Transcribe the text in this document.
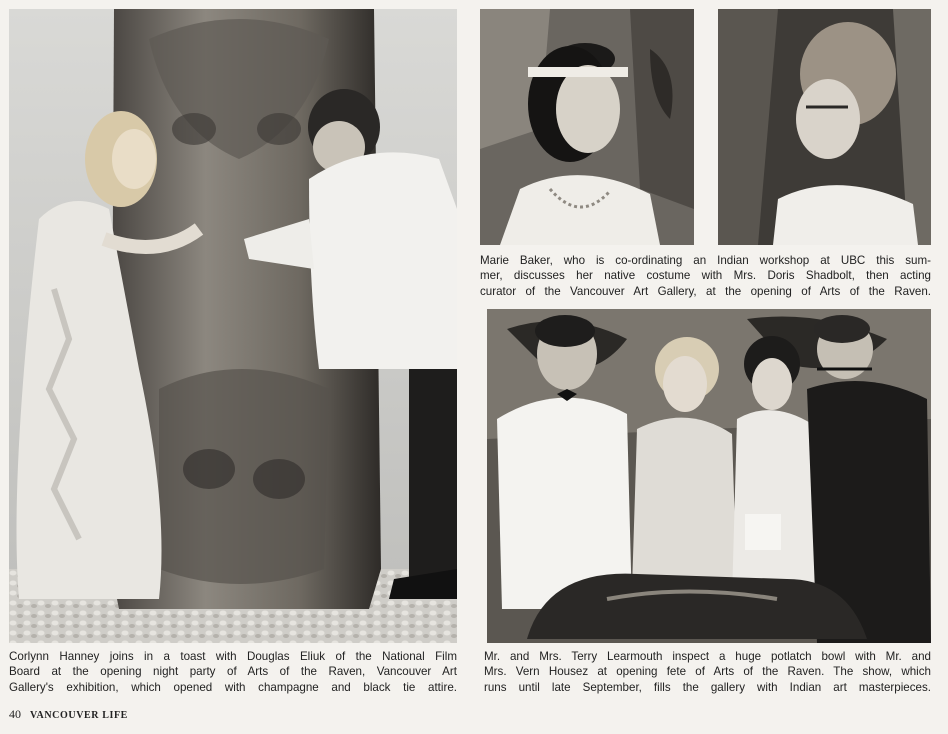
Marie Baker, who is co-ordinating an Indian workshop at UBC this sum-
mer, discusses her native costume with Mrs. Doris Shadbolt, then acting
curator of the Vancouver Art Gallery, at the opening of Arts of the Raven.
Corlynn Hanney joins in a toast with Douglas Eliuk of the National Film
Board at the opening night party of Arts of the Raven, Vancouver Art
Gallery's exhibition, which opened with champagne and black tie attire.
Mr. and Mrs. Terry Learmouth inspect a huge potlatch bowl with Mr. and
Mrs. Vern Housez at opening fete of Arts of the Raven. The show, which
runs until late September, fills the gallery with Indian art masterpieces.
40 VANCOUVER LIFE
